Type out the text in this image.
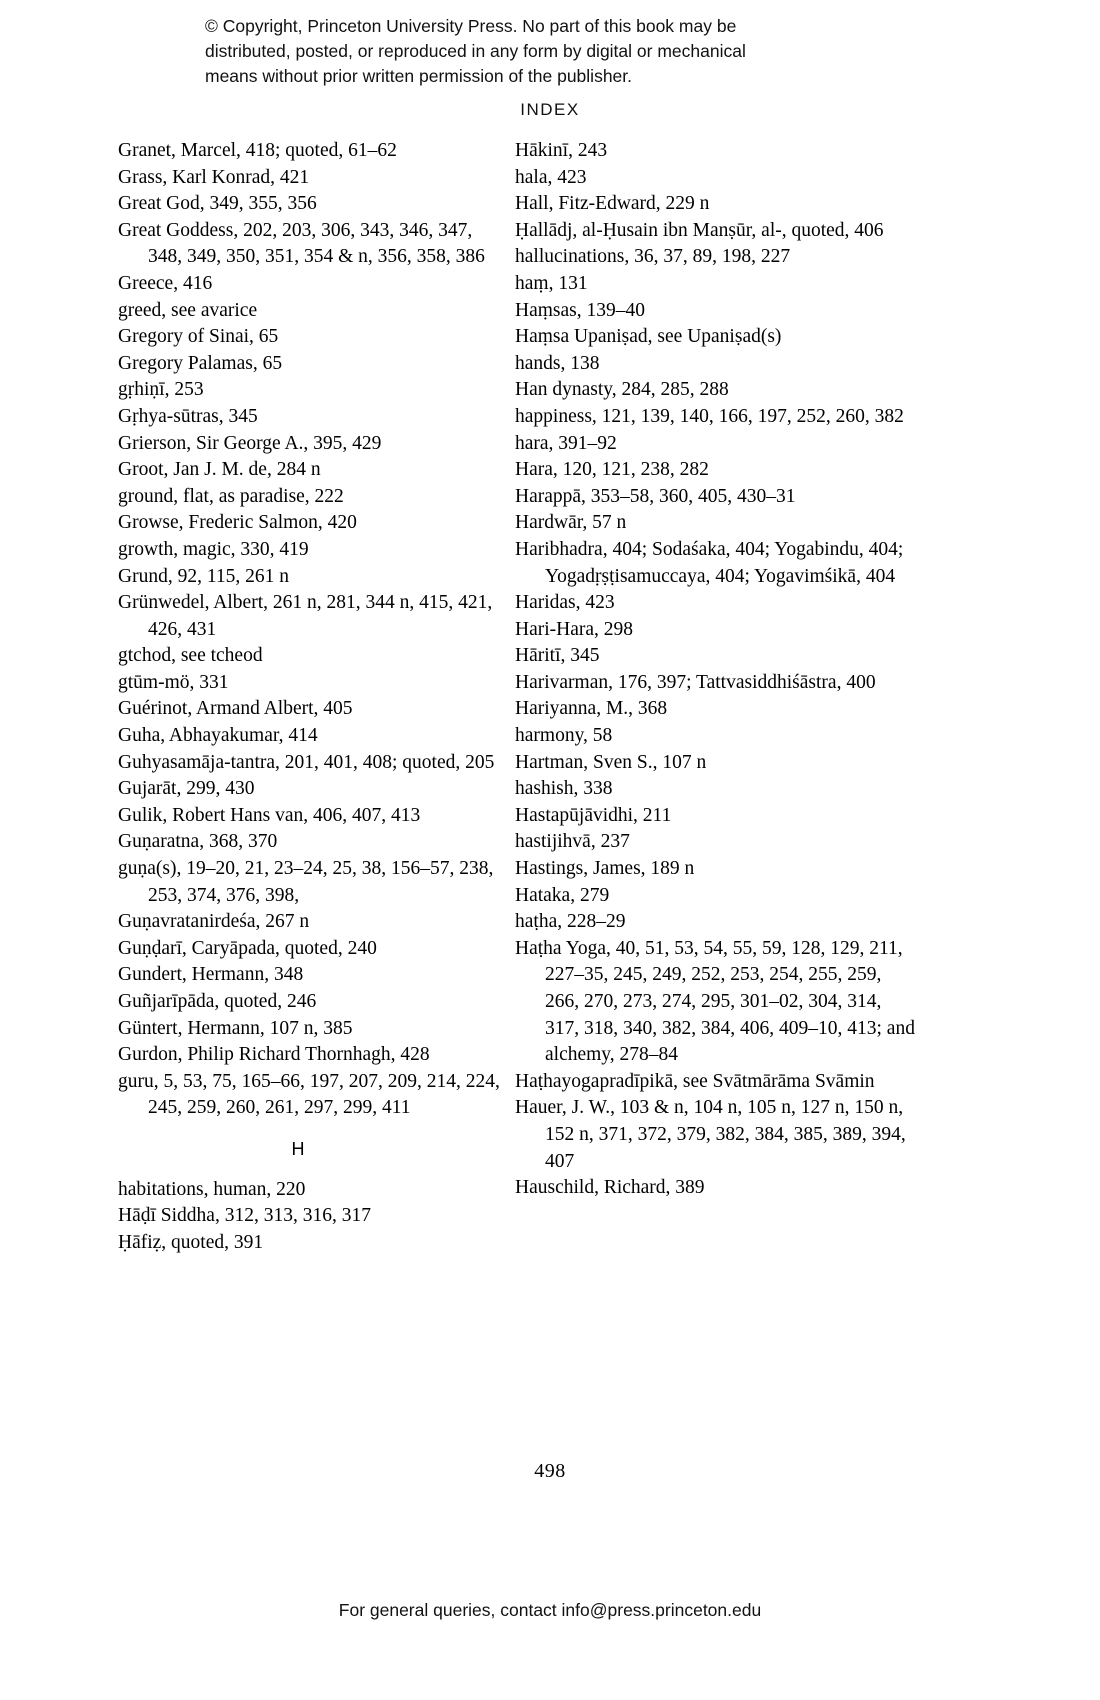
© Copyright, Princeton University Press. No part of this book may be
distributed, posted, or reproduced in any form by digital or mechanical
means without prior written permission of the publisher.
INDEX

Granet, Marcel, 418; quoted, 61–62

Grass, Karl Konrad, 421

Great God, 349, 355, 356

Great Goddess, 202, 203, 306, 343, 346, 347, 348, 349, 350, 351, 354 & n, 356, 358, 386

Greece, 416

greed, see avarice

Gregory of Sinai, 65

Gregory Palamas, 65

gṛhiṇī, 253

Gṛhya-sūtras, 345

Grierson, Sir George A., 395, 429

Groot, Jan J. M. de, 284 n

ground, flat, as paradise, 222

Growse, Frederic Salmon, 420

growth, magic, 330, 419

Grund, 92, 115, 261 n

Grünwedel, Albert, 261 n, 281, 344 n, 415, 421, 426, 431

gtchod, see tcheod

gtūm-mö, 331

Guérinot, Armand Albert, 405

Guha, Abhayakumar, 414

Guhyasamāja-tantra, 201, 401, 408; quoted, 205

Gujarāt, 299, 430

Gulik, Robert Hans van, 406, 407, 413

Guṇaratna, 368, 370

guṇa(s), 19–20, 21, 23–24, 25, 38, 156–57, 238, 253, 374, 376, 398,

Guṇavratanirdeśa, 267 n

Guṇḍarī, Caryāpada, quoted, 240

Gundert, Hermann, 348

Guñjarīpāda, quoted, 246

Güntert, Hermann, 107 n, 385

Gurdon, Philip Richard Thornhagh, 428

guru, 5, 53, 75, 165–66, 197, 207, 209, 214, 224, 245, 259, 260, 261, 297, 299, 411

H

habitations, human, 220

Hāḍī Siddha, 312, 313, 316, 317

Ḥāfiẓ, quoted, 391

Hākinī, 243

hala, 423

Hall, Fitz-Edward, 229 n

Ḥallādj, al-Ḥusain ibn Manṣūr, al-, quoted, 406

hallucinations, 36, 37, 89, 198, 227

haṃ, 131

Haṃsas, 139–40

Haṃsa Upaniṣad, see Upaniṣad(s)

hands, 138

Han dynasty, 284, 285, 288

happiness, 121, 139, 140, 166, 197, 252, 260, 382

hara, 391–92

Hara, 120, 121, 238, 282

Harappā, 353–58, 360, 405, 430–31

Hardwār, 57 n

Haribhadra, 404; Sodaśaka, 404; Yogabindu, 404; Yogadṛṣṭisamuccaya, 404; Yogavimśikā, 404

Haridas, 423

Hari-Hara, 298

Hāritī, 345

Harivarman, 176, 397; Tattvasiddhiśāstra, 400

Hariyanna, M., 368

harmony, 58

Hartman, Sven S., 107 n

hashish, 338

Hastapūjāvidhi, 211

hastijihvā, 237

Hastings, James, 189 n

Hataka, 279

haṭha, 228–29

Haṭha Yoga, 40, 51, 53, 54, 55, 59, 128, 129, 211, 227–35, 245, 249, 252, 253, 254, 255, 259, 266, 270, 273, 274, 295, 301–02, 304, 314, 317, 318, 340, 382, 384, 406, 409–10, 413; and alchemy, 278–84

Haṭhayogapradīpikā, see Svātmārāma Svāmin

Hauer, J. W., 103 & n, 104 n, 105 n, 127 n, 150 n, 152 n, 371, 372, 379, 382, 384, 385, 389, 394, 407

Hauschild, Richard, 389

498
For general queries, contact info@press.princeton.edu
